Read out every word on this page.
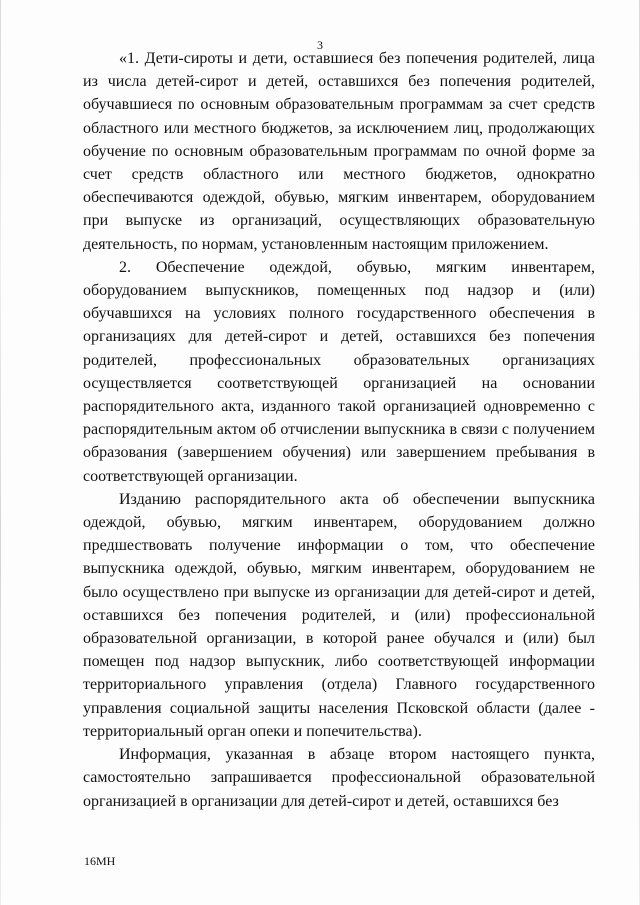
3

«1. Дети-сироты и дети, оставшиеся без попечения родителей, лица из числа детей-сирот и детей, оставшихся без попечения родителей, обучавшиеся по основным образовательным программам за счет средств областного или местного бюджетов, за исключением лиц, продолжающих обучение по основным образовательным программам по очной форме за счет средств областного или местного бюджетов, однократно обеспечиваются одеждой, обувью, мягким инвентарем, оборудованием при выпуске из организаций, осуществляющих образовательную деятельность, по нормам, установленным настоящим приложением.

2. Обеспечение одеждой, обувью, мягким инвентарем, оборудованием выпускников, помещенных под надзор и (или) обучавшихся на условиях полного государственного обеспечения в организациях для детей-сирот и детей, оставшихся без попечения родителей, профессиональных образовательных организациях осуществляется соответствующей организацией на основании распорядительного акта, изданного такой организацией одновременно с распорядительным актом об отчислении выпускника в связи с получением образования (завершением обучения) или завершением пребывания в соответствующей организации.

Изданию распорядительного акта об обеспечении выпускника одеждой, обувью, мягким инвентарем, оборудованием должно предшествовать получение информации о том, что обеспечение выпускника одеждой, обувью, мягким инвентарем, оборудованием не было осуществлено при выпуске из организации для детей-сирот и детей, оставшихся без попечения родителей, и (или) профессиональной образовательной организации, в которой ранее обучался и (или) был помещен под надзор выпускник, либо соответствующей информации территориального управления (отдела) Главного государственного управления социальной защиты населения Псковской области (далее - территориальный орган опеки и попечительства).

Информация, указанная в абзаце втором настоящего пункта, самостоятельно запрашивается профессиональной образовательной организацией в организации для детей-сирот и детей, оставшихся без

16МН
